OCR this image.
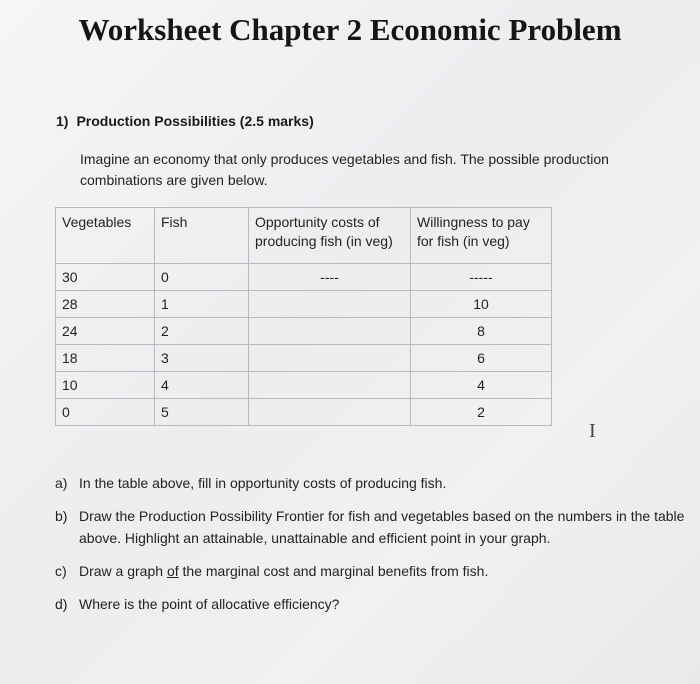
Worksheet Chapter 2 Economic Problem
1) Production Possibilities (2.5 marks)
Imagine an economy that only produces vegetables and fish. The possible production combinations are given below.
Vegetables	Fish	Opportunity costs of producing fish (in veg)	Willingness to pay for fish (in veg)
30	0	----	-----
28	1		10
24	2		8
18	3		6
10	4		4
0	5		2
I
a) In the table above, fill in opportunity costs of producing fish.
b) Draw the Production Possibility Frontier for fish and vegetables based on the numbers in the table above. Highlight an attainable, unattainable and efficient point in your graph.
c) Draw a graph of the marginal cost and marginal benefits from fish.
d) Where is the point of allocative efficiency?
